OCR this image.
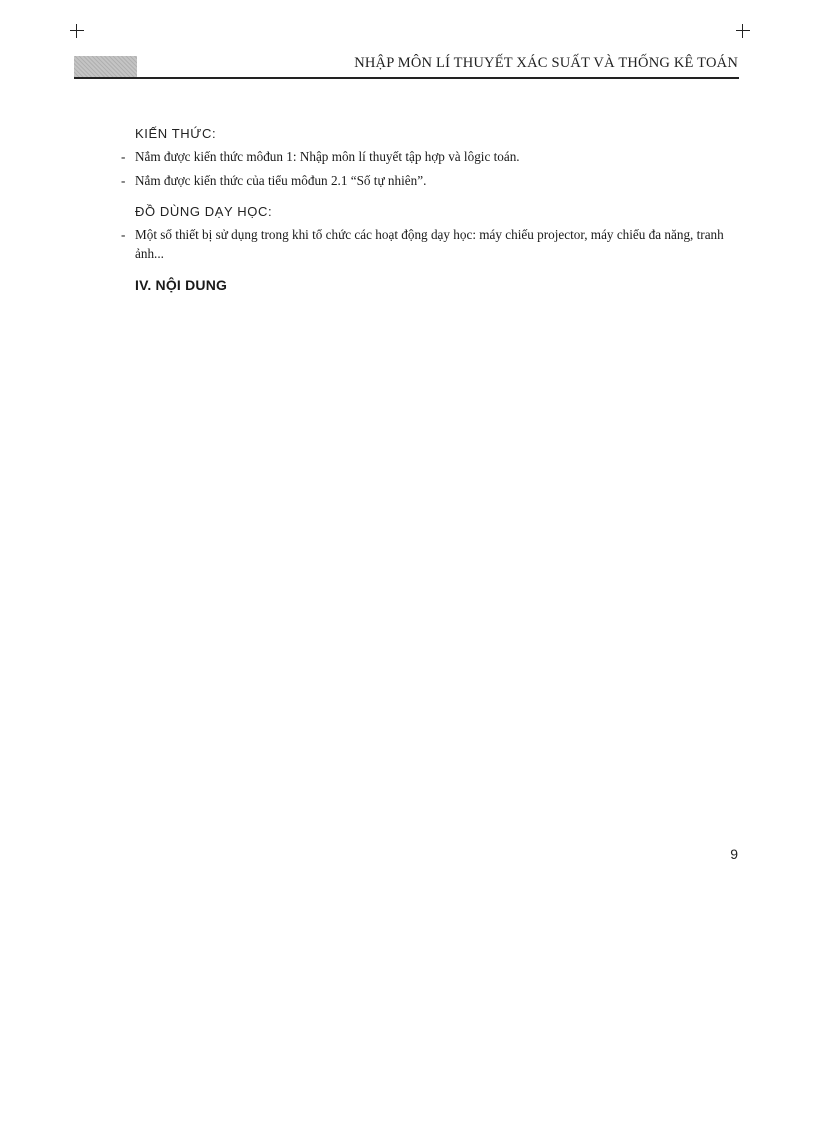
NHẬP MÔN LÍ THUYẾT XÁC SUẤT VÀ THỐNG KÊ TOÁN
KIẾN THỨC:
- Nắm được kiến thức môđun 1: Nhập môn lí thuyết tập hợp và lôgic toán.
- Nắm được kiến thức của tiểu môđun 2.1 “Số tự nhiên”.
ĐỒ DÙNG DẠY HỌC:
- Một số thiết bị sử dụng trong khi tổ chức các hoạt động dạy học: máy chiếu projector, máy chiếu đa năng, tranh ảnh...
IV. NỘI DUNG
9
